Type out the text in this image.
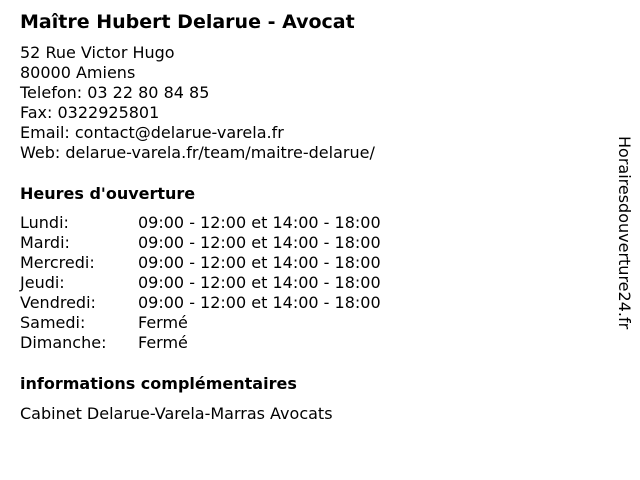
Maître Hubert Delarue - Avocat
52 Rue Victor Hugo
80000 Amiens
Telefon: 03 22 80 84 85
Fax: 0322925801
Email: contact@delarue-varela.fr
Web: delarue-varela.fr/team/maitre-delarue/
Heures d'ouverture
Lundi:	09:00 - 12:00 et 14:00 - 18:00
Mardi:	09:00 - 12:00 et 14:00 - 18:00
Mercredi:	09:00 - 12:00 et 14:00 - 18:00
Jeudi:	09:00 - 12:00 et 14:00 - 18:00
Vendredi:	09:00 - 12:00 et 14:00 - 18:00
Samedi:	Fermé
Dimanche:	Fermé
informations complémentaires
Cabinet Delarue-Varela-Marras Avocats
Horairesdouverture24.fr
